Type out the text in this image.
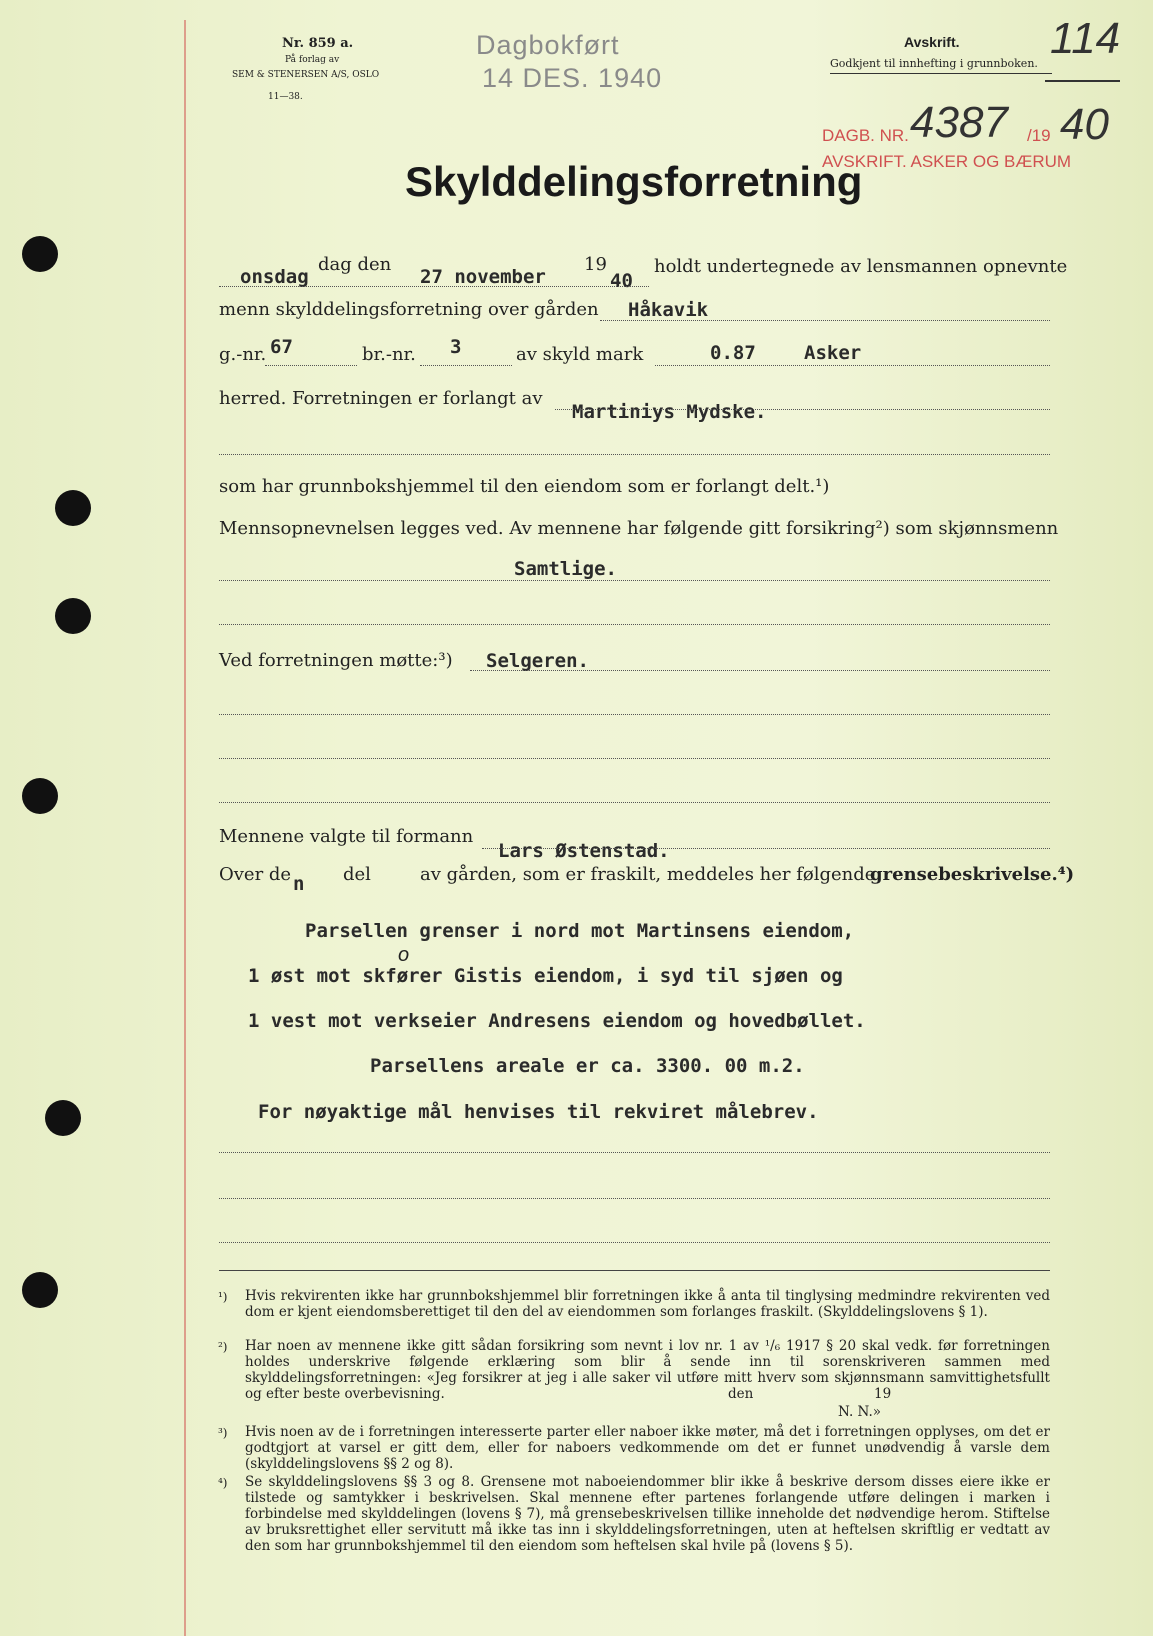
Nr. 859 a.
På forlag av
SEM & STENERSEN A/S, OSLO
11—38.
Dagbokført
14 DES. 1940
Avskrift.
Godkjent til innhefting i grunnboken.
114
DAGB. NR. 4387 /19 40
AVSKRIFT. ASKER OG BÆRUM
Skylddelingsforretning
onsdag
dag den
27 november
19
40
holdt undertegnede av lensmannen opnevnte
menn skylddelingsforretning over gården Håkavik
g.-nr. 67	br.-nr. 3	av skyld mark	0.87	Asker
herred. Forretningen er forlangt av
Martiniys Mydske.
som har grunnbokshjemmel til den eiendom som er forlangt delt.¹)
Mennsopnevnelsen legges ved. Av mennene har følgende gitt forsikring²) som skjønnsmenn
Samtlige.
Ved forretningen møtte:³) Selgeren.
Mennene valgte til formann
Lars Østenstad.
Over de n del	av gården, som er fraskilt, meddeles her følgende
grensebeskrivelse.⁴)
Parsellen grenser i nord mot Martinsens eiendom,
1 øst mot skfører Gistis eiendom, i syd til sjøen og
o
1 vest mot verkseier Andresens eiendom og hovedbøllet.
Parsellens areale er ca. 3300. 00 m.2.
For nøyaktige mål henvises til rekviret målebrev.
¹) Hvis rekvirenten ikke har grunnbokshjemmel blir forretningen ikke å anta til tinglysing medmindre rekvirenten ved dom er kjent eiendomsberettiget til den del av eiendommen som forlanges fraskilt. (Skylddelingslovens § 1).
²) Har noen av mennene ikke gitt sådan forsikring som nevnt i lov nr. 1 av ¹/₆ 1917 § 20 skal vedk. før forretningen holdes underskrive følgende erklæring som blir å sende inn til sorenskriveren sammen med skylddelingsforretningen: «Jeg forsikrer at jeg i alle saker vil utføre mitt hverv som skjønnsmann samvittighetsfullt og efter beste overbevisning.	den	19
N. N.»
³) Hvis noen av de i forretningen interesserte parter eller naboer ikke møter, må det i forretningen opplyses, om det er godtgjort at varsel er gitt dem, eller for naboers vedkommende om det er funnet unødvendig å varsle dem (skylddelingslovens §§ 2 og 8).
⁴) Se skylddelingslovens §§ 3 og 8. Grensene mot naboeiendommer blir ikke å beskrive dersom disses eiere ikke er tilstede og samtykker i beskrivelsen. Skal mennene efter partenes forlangende utføre delingen i marken i forbindelse med skylddelingen (lovens § 7), må grensebeskrivelsen tillike inneholde det nødvendige herom. Stiftelse av bruksrettighet eller servitutt må ikke tas inn i skylddelingsforretningen, uten at heftelsen skriftlig er vedtatt av den som har grunnbokshjemmel til den eiendom som heftelsen skal hvile på (lovens § 5).
